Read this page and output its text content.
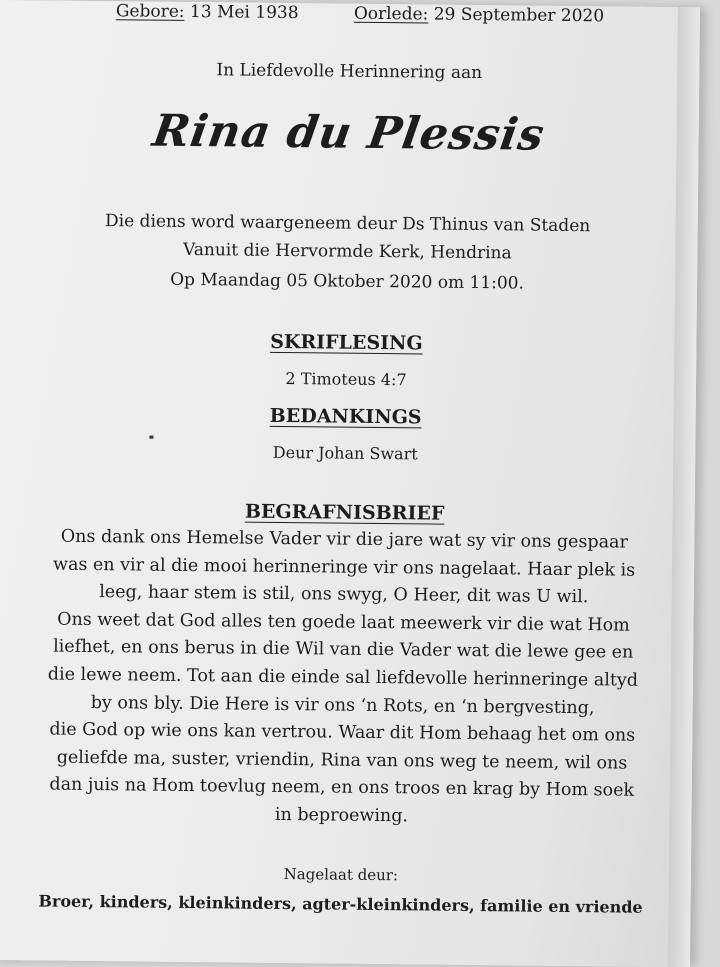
In Liefdevolle Herinnering aan
Rina du Plessis
Gebore: 13 Mei 1938	Oorlede: 29 September 2020
Die diens word waargeneem deur Ds Thinus van Staden
Vanuit die Hervormde Kerk, Hendrina
Op Maandag 05 Oktober 2020 om 11:00.
SKRIFLESING
2 Timoteus 4:7
BEDANKINGS
Deur Johan Swart
BEGRAFNISBRIEF
Ons dank ons Hemelse Vader vir die jare wat sy vir ons gespaar
was en vir al die mooi herinneringe vir ons nagelaat. Haar plek is
leeg, haar stem is stil, ons swyg, O Heer, dit was U wil.
Ons weet dat God alles ten goede laat meewerk vir die wat Hom
liefhet, en ons berus in die Wil van die Vader wat die lewe gee en
die lewe neem. Tot aan die einde sal liefdevolle herinneringe altyd
by ons bly. Die Here is vir ons ‘n Rots, en ‘n bergvesting,
die God op wie ons kan vertrou. Waar dit Hom behaag het om ons
geliefde ma, suster, vriendin, Rina van ons weg te neem, wil ons
dan juis na Hom toevlug neem, en ons troos en krag by Hom soek
in beproewing.
Nagelaat deur:
Broer, kinders, kleinkinders, agter-kleinkinders, familie en vriende
